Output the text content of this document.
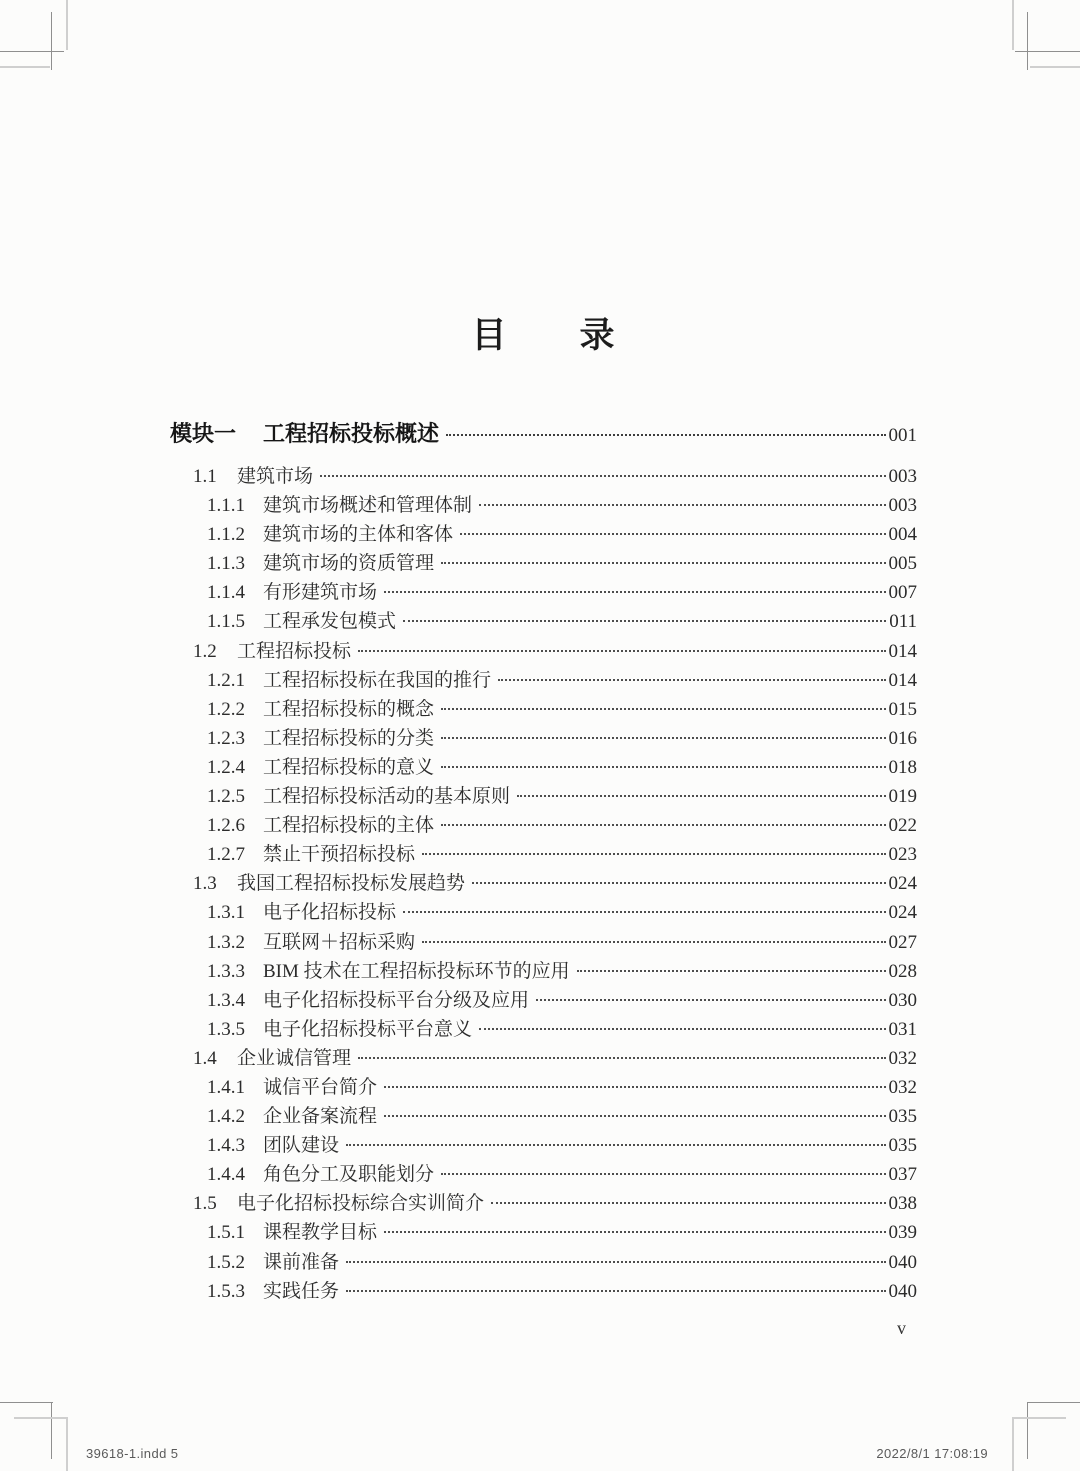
目　　录
模块一	工程招标投标概述	001
1.1	建筑市场	003
1.1.1 建筑市场概述和管理体制	003
1.1.2 建筑市场的主体和客体	004
1.1.3 建筑市场的资质管理	005
1.1.4 有形建筑市场	007
1.1.5 工程承发包模式	011
1.2	工程招标投标	014
1.2.1 工程招标投标在我国的推行	014
1.2.2 工程招标投标的概念	015
1.2.3 工程招标投标的分类	016
1.2.4 工程招标投标的意义	018
1.2.5 工程招标投标活动的基本原则	019
1.2.6 工程招标投标的主体	022
1.2.7 禁止干预招标投标	023
1.3	我国工程招标投标发展趋势	024
1.3.1 电子化招标投标	024
1.3.2 互联网＋招标采购	027
1.3.3 BIM 技术在工程招标投标环节的应用	028
1.3.4 电子化招标投标平台分级及应用	030
1.3.5 电子化招标投标平台意义	031
1.4	企业诚信管理	032
1.4.1 诚信平台简介	032
1.4.2 企业备案流程	035
1.4.3 团队建设	035
1.4.4 角色分工及职能划分	037
1.5	电子化招标投标综合实训简介	038
1.5.1 课程教学目标	039
1.5.2 课前准备	040
1.5.3 实践任务	040
v
39618-1.indd 5	2022/8/1 17:08:19
